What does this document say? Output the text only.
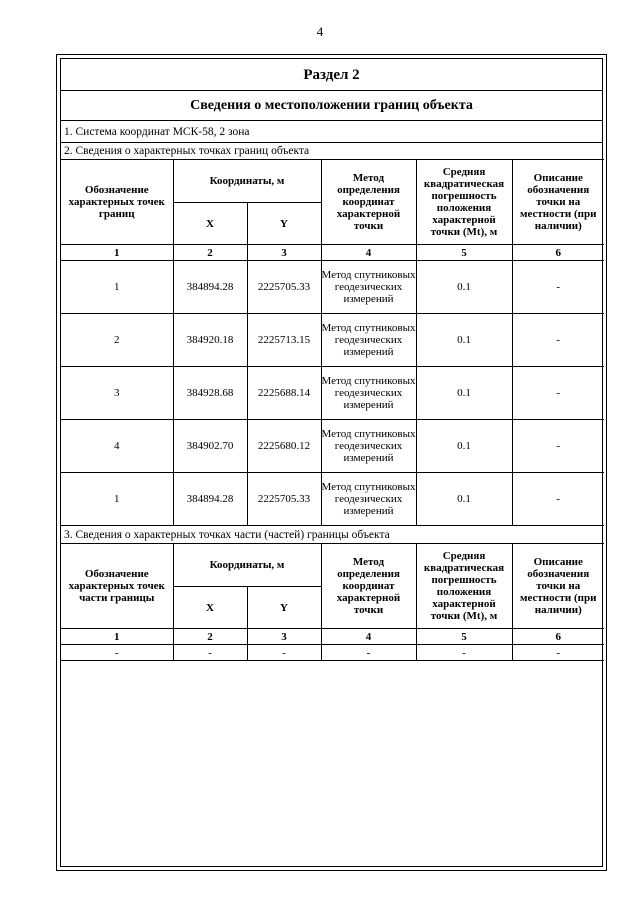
4
Раздел 2
Сведения о местоположении границ объекта
1. Система координат МСК-58, 2 зона
2. Сведения о характерных точках границ объекта
Обозначение характерных точек границ	Координаты, м		Метод определения координат характерной точки	Средняя квадратическая погрешность положения характерной точки (Mt), м	Описание обозначения точки на местности (при наличии)
	X	Y			
1	2	3	4	5	6
1	384894.28	2225705.33	Метод спутниковых геодезических измерений	0.1	-
2	384920.18	2225713.15	Метод спутниковых геодезических измерений	0.1	-
3	384928.68	2225688.14	Метод спутниковых геодезических измерений	0.1	-
4	384902.70	2225680.12	Метод спутниковых геодезических измерений	0.1	-
1	384894.28	2225705.33	Метод спутниковых геодезических измерений	0.1	-
3. Сведения о характерных точках части (частей) границы объекта
Обозначение характерных точек части границы	Координаты, м		Метод определения координат характерной точки	Средняя квадратическая погрешность положения характерной точки (Mt), м	Описание обозначения точки на местности (при наличии)
	X	Y			
1	2	3	4	5	6
-	-	-	-	-	-
